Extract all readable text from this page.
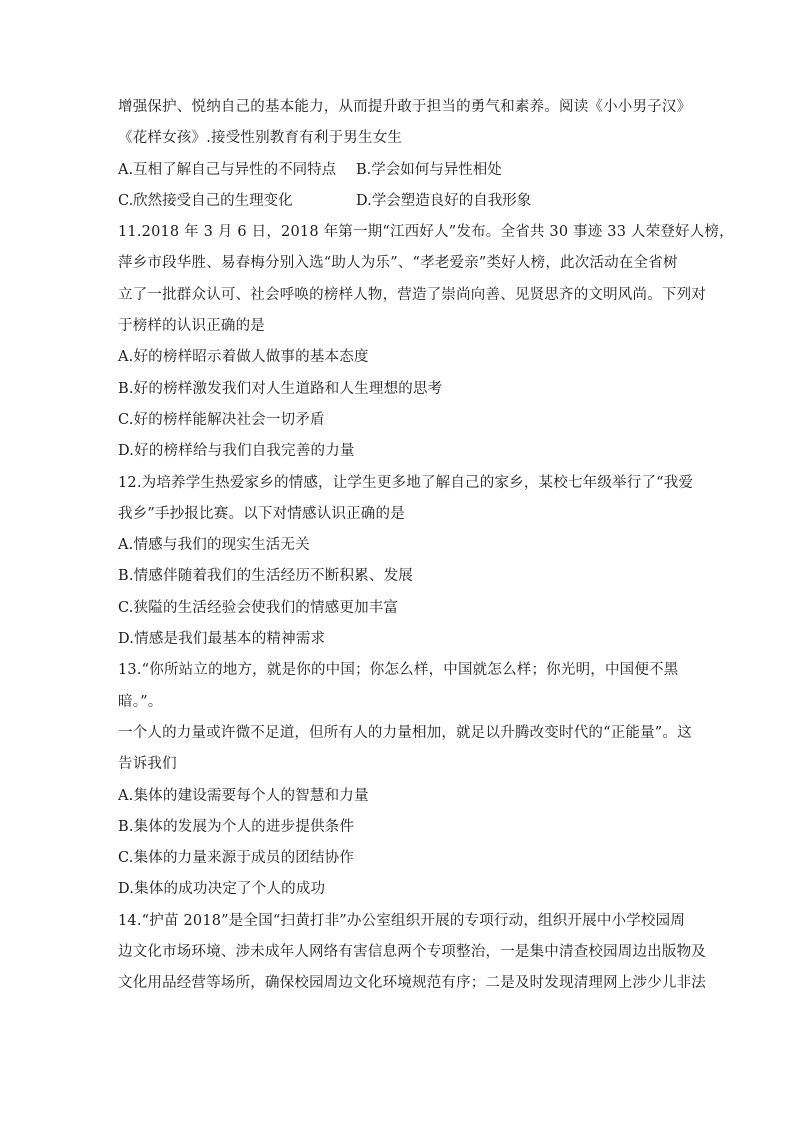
增强保护、悦纳自己的基本能力，从而提升敢于担当的勇气和素养。阅读《小小男子汉》
《花样女孩》.接受性别教育有利于男生女生
A.互相了解自己与异性的不同特点 B.学会如何与异性相处
C.欣然接受自己的生理变化	D.学会塑造良好的自我形象
11.2018 年 3 月 6 日，2018 年第一期“江西好人”发布。全省共 30 事迹 33 人荣登好人榜，
萍乡市段华胜、易春梅分别入选“助人为乐”、“孝老爱亲”类好人榜，此次活动在全省树
立了一批群众认可、社会呼唤的榜样人物，营造了崇尚向善、见贤思齐的文明风尚。下列对
于榜样的认识正确的是
A.好的榜样昭示着做人做事的基本态度
B.好的榜样激发我们对人生道路和人生理想的思考
C.好的榜样能解决社会一切矛盾
D.好的榜样给与我们自我完善的力量
12.为培养学生热爱家乡的情感，让学生更多地了解自己的家乡，某校七年级举行了“我爱
我乡”手抄报比赛。以下对情感认识正确的是
A.情感与我们的现实生活无关
B.情感伴随着我们的生活经历不断积累、发展
C.狭隘的生活经验会使我们的情感更加丰富
D.情感是我们最基本的精神需求
13.“你所站立的地方，就是你的中国；你怎么样，中国就怎么样；你光明，中国便不黑
暗。”。
一个人的力量或许微不足道，但所有人的力量相加，就足以升腾改变时代的“正能量”。这
告诉我们
A.集体的建设需要每个人的智慧和力量
B.集体的发展为个人的进步提供条件
C.集体的力量来源于成员的团结协作
D.集体的成功决定了个人的成功
14.“护苗 2018”是全国“扫黄打非”办公室组织开展的专项行动，组织开展中小学校园周
边文化市场环境、涉未成年人网络有害信息两个专项整治，一是集中清查校园周边出版物及
文化用品经营等场所，确保校园周边文化环境规范有序；二是及时发现清理网上涉少儿非法
